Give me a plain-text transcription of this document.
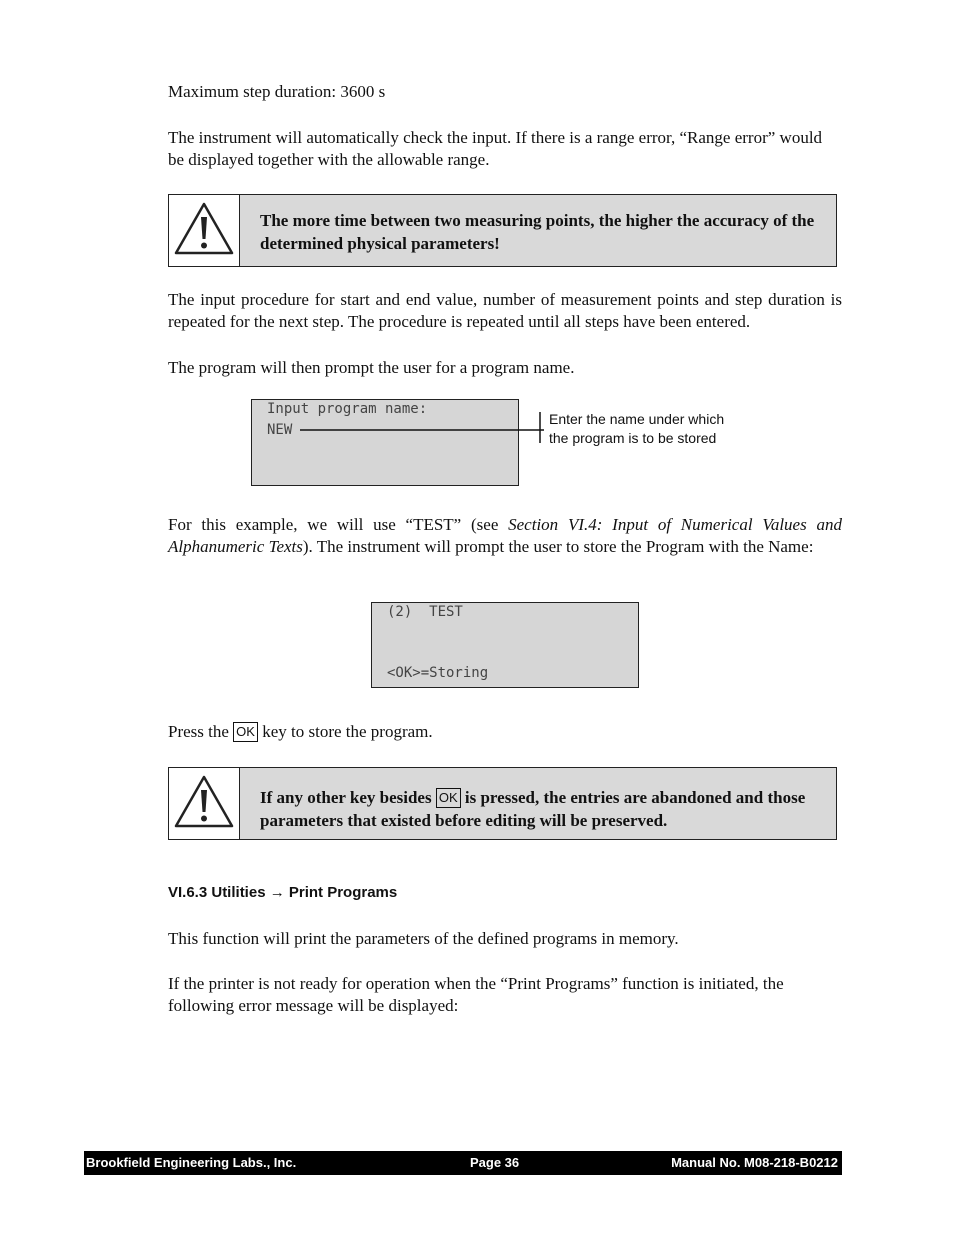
Maximum step duration: 3600 s

The instrument will automatically check the input. If there is a range error, “Range error” would be displayed together with the allowable range.

The more time between two measuring points, the higher the accuracy of the determined physical parameters!

The input procedure for start and end value, number of measurement points and step duration is repeated for the next step. The procedure is repeated until all steps have been entered.

The program will then prompt the user for a program name.

Input program name:
NEW
Enter the name under which
the program is to be stored

For this example, we will use “TEST” (see Section VI.4: Input of Numerical Values and Alphanumeric Texts). The instrument will prompt the user to store the Program with the Name:

(2)  TEST
<OK>=Storing

Press the OK key to store the program.

If any other key besides OK is pressed, the entries are abandoned and those parameters that existed before editing will be preserved.
VI.6.3 Utilities → Print Programs

This function will print the parameters of the defined programs in memory.

If the printer is not ready for operation when the “Print Programs” function is initiated, the following error message will be displayed:

Brookfield Engineering Labs., Inc.	Page 36	Manual No. M08-218-B0212
